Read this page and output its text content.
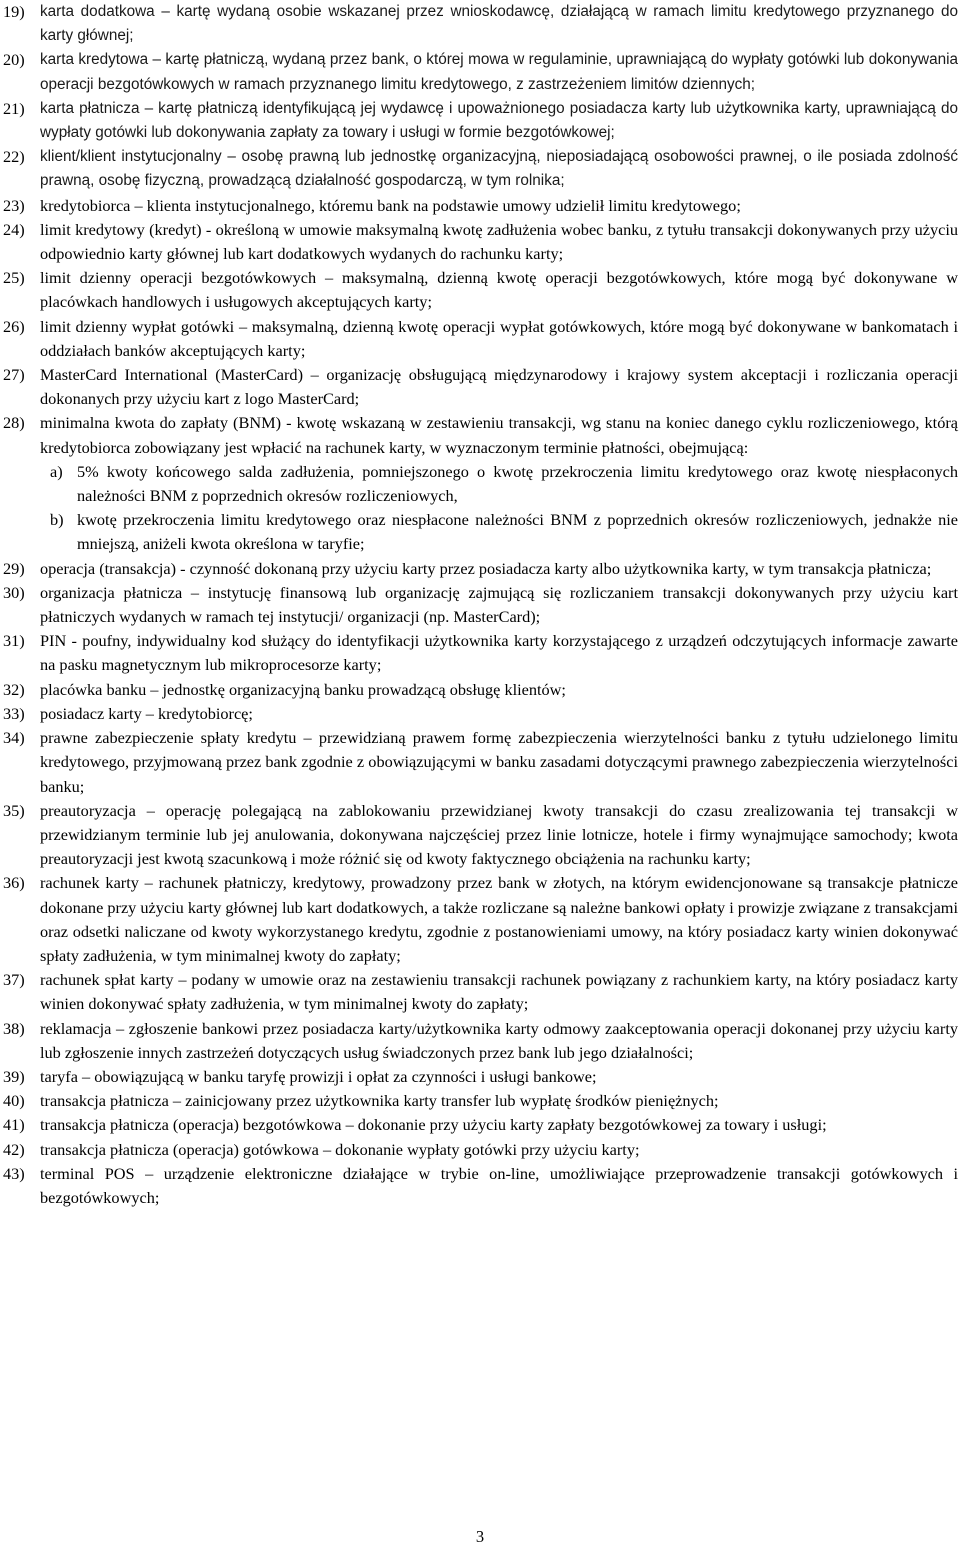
19) karta dodatkowa – kartę wydaną osobie wskazanej przez wnioskodawcę, działającą w ramach limitu kredytowego przyznanego do karty głównej;
20) karta kredytowa – kartę płatniczą, wydaną przez bank, o której mowa w regulaminie, uprawniającą do wypłaty gotówki lub dokonywania operacji bezgotówkowych w ramach przyznanego limitu kredytowego, z zastrzeżeniem limitów dziennych;
21) karta płatnicza – kartę płatniczą identyfikującą jej wydawcę i upoważnionego posiadacza karty lub użytkownika karty, uprawniającą do wypłaty gotówki lub dokonywania zapłaty za towary i usługi w formie bezgotówkowej;
22) klient/klient instytucjonalny – osobę prawną lub jednostkę organizacyjną, nieposiadającą osobowości prawnej, o ile posiada zdolność prawną, osobę fizyczną, prowadzącą działalność gospodarczą, w tym rolnika;
23) kredytobiorca – klienta instytucjonalnego, któremu bank na podstawie umowy udzielił limitu kredytowego;
24) limit kredytowy (kredyt) - określoną w umowie maksymalną kwotę zadłużenia wobec banku, z tytułu transakcji dokonywanych przy użyciu odpowiednio karty głównej lub kart dodatkowych wydanych do rachunku karty;
25) limit dzienny operacji bezgotówkowych – maksymalną, dzienną kwotę operacji bezgotówkowych, które mogą być dokonywane w placówkach handlowych i usługowych akceptujących karty;
26) limit dzienny wypłat gotówki – maksymalną, dzienną kwotę operacji wypłat gotówkowych, które mogą być dokonywane w bankomatach i oddziałach banków akceptujących karty;
27) MasterCard International (MasterCard) – organizację obsługującą międzynarodowy i krajowy system akceptacji i rozliczania operacji dokonanych przy użyciu kart z logo MasterCard;
28) minimalna kwota do zapłaty (BNM) - kwotę wskazaną w zestawieniu transakcji, wg stanu na koniec danego cyklu rozliczeniowego, którą kredytobiorca zobowiązany jest wpłacić na rachunek karty, w wyznaczonym terminie płatności, obejmującą:
a) 5% kwoty końcowego salda zadłużenia, pomniejszonego o kwotę przekroczenia limitu kredytowego oraz kwotę niespłaconych należności BNM z poprzednich okresów rozliczeniowych,
b) kwotę przekroczenia limitu kredytowego oraz niespłacone należności BNM z poprzednich okresów rozliczeniowych, jednakże nie mniejszą, aniżeli kwota określona w taryfie;
29) operacja (transakcja) - czynność dokonaną przy użyciu karty przez posiadacza karty albo użytkownika karty, w tym transakcja płatnicza;
30) organizacja płatnicza – instytucję finansową lub organizację zajmującą się rozliczaniem transakcji dokonywanych przy użyciu kart płatniczych wydanych w ramach tej instytucji/ organizacji (np. MasterCard);
31) PIN - poufny, indywidualny kod służący do identyfikacji użytkownika karty korzystającego z urządzeń odczytujących informacje zawarte na pasku magnetycznym lub mikroprocesorze karty;
32) placówka banku – jednostkę organizacyjną banku prowadzącą obsługę klientów;
33) posiadacz karty – kredytobiorcę;
34) prawne zabezpieczenie spłaty kredytu – przewidzianą prawem formę zabezpieczenia wierzytelności banku z tytułu udzielonego limitu kredytowego, przyjmowaną przez bank zgodnie z obowiązującymi w banku zasadami dotyczącymi prawnego zabezpieczenia wierzytelności banku;
35) preautoryzacja – operację polegającą na zablokowaniu przewidzianej kwoty transakcji do czasu zrealizowania tej transakcji w przewidzianym terminie lub jej anulowania, dokonywana najczęściej przez linie lotnicze, hotele i firmy wynajmujące samochody; kwota preautoryzacji jest kwotą szacunkową i może różnić się od kwoty faktycznego obciążenia na rachunku karty;
36) rachunek karty – rachunek płatniczy, kredytowy, prowadzony przez bank w złotych, na którym ewidencjonowane są transakcje płatnicze dokonane przy użyciu karty głównej lub kart dodatkowych, a także rozliczane są należne bankowi opłaty i prowizje związane z transakcjami oraz odsetki naliczane od kwoty wykorzystanego kredytu, zgodnie z postanowieniami umowy, na który posiadacz karty winien dokonywać spłaty zadłużenia, w tym minimalnej kwoty do zapłaty;
37) rachunek spłat karty – podany w umowie oraz na zestawieniu transakcji rachunek powiązany z rachunkiem karty, na który posiadacz karty winien dokonywać spłaty zadłużenia, w tym minimalnej kwoty do zapłaty;
38) reklamacja – zgłoszenie bankowi przez posiadacza karty/użytkownika karty odmowy zaakceptowania operacji dokonanej przy użyciu karty lub zgłoszenie innych zastrzeżeń dotyczących usług świadczonych przez bank lub jego działalności;
39) taryfa – obowiązującą w banku taryfę prowizji i opłat za czynności i usługi bankowe;
40) transakcja płatnicza – zainicjowany przez użytkownika karty transfer lub wypłatę środków pieniężnych;
41) transakcja płatnicza (operacja) bezgotówkowa – dokonanie przy użyciu karty zapłaty bezgotówkowej za towary i usługi;
42) transakcja płatnicza (operacja) gotówkowa – dokonanie wypłaty gotówki przy użyciu karty;
43) terminal POS – urządzenie elektroniczne działające w trybie on-line, umożliwiające przeprowadzenie transakcji gotówkowych i bezgotówkowych;
3
